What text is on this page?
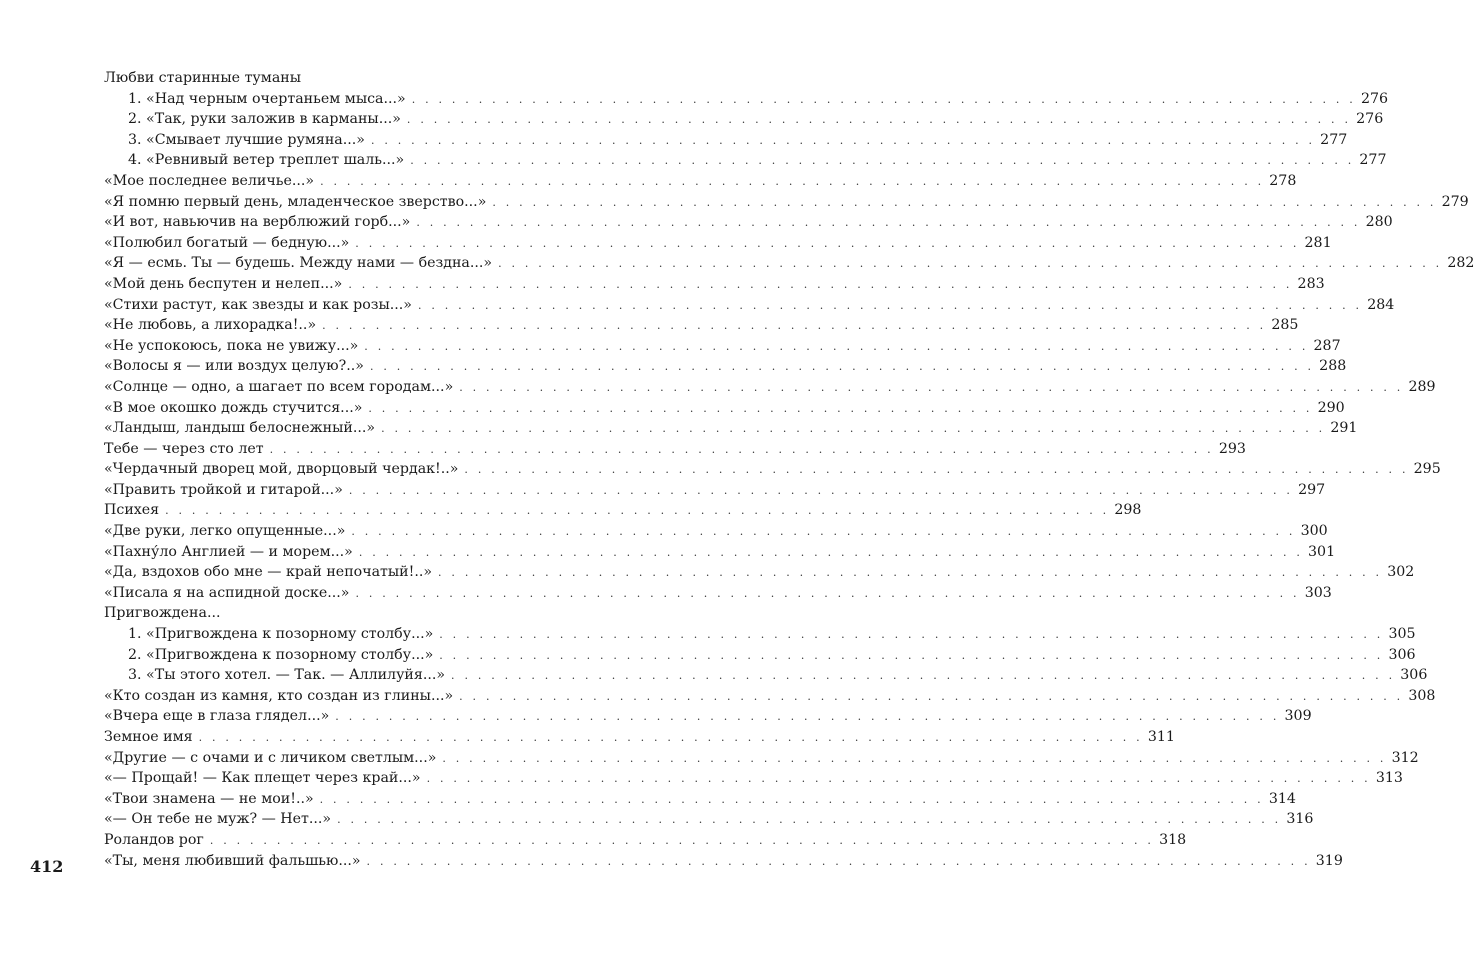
Любви старинные туманы
1. «Над черным очертаньем мыса...» . . . . . . . . . . . . . . . . . . . . . . . . . . . . . . . . . . . . . . . . . . . . . . . . . . . . . . . . . . . . . . . . . . . . . . . 276
2. «Так, руки заложив в карманы...» . . . . . . . . . . . . . . . . . . . . . . . . . . . . . . . . . . . . . . . . . . . . . . . . . . . . . . . . . . . . . . . . . . . . . . . 276
3. «Смывает лучшие румяна...» . . . . . . . . . . . . . . . . . . . . . . . . . . . . . . . . . . . . . . . . . . . . . . . . . . . . . . . . . . . . . . . . . . . . . . . 277
4. «Ревнивый ветер треплет шаль...» . . . . . . . . . . . . . . . . . . . . . . . . . . . . . . . . . . . . . . . . . . . . . . . . . . . . . . . . . . . . . . . . . . . . . . . 277
«Мое последнее величье...» . . . . . . . . . . . . . . . . . . . . . . . . . . . . . . . . . . . . . . . . . . . . . . . . . . . . . . . . . . . . . . . . . . . . . . . 278
«Я помню первый день, младенческое зверство...» . . . . . . . . . . . . . . . . . . . . . . . . . . . . . . . . . . . . . . . . . . . . . . . . . . . . . . . . . . . . . . . . . . . . . . . 279
«И вот, навьючив на верблюжий горб...» . . . . . . . . . . . . . . . . . . . . . . . . . . . . . . . . . . . . . . . . . . . . . . . . . . . . . . . . . . . . . . . . . . . . . . . 280
«Полюбил богатый — бедную...» . . . . . . . . . . . . . . . . . . . . . . . . . . . . . . . . . . . . . . . . . . . . . . . . . . . . . . . . . . . . . . . . . . . . . . . 281
«Я — есмь. Ты — будешь. Между нами — бездна...» . . . . . . . . . . . . . . . . . . . . . . . . . . . . . . . . . . . . . . . . . . . . . . . . . . . . . . . . . . . . . . . . . . . . . . . 282
«Мой день беспутен и нелеп...» . . . . . . . . . . . . . . . . . . . . . . . . . . . . . . . . . . . . . . . . . . . . . . . . . . . . . . . . . . . . . . . . . . . . . . . 283
«Стихи растут, как звезды и как розы...» . . . . . . . . . . . . . . . . . . . . . . . . . . . . . . . . . . . . . . . . . . . . . . . . . . . . . . . . . . . . . . . . . . . . . . . 284
«Не любовь, а лихорадка!..» . . . . . . . . . . . . . . . . . . . . . . . . . . . . . . . . . . . . . . . . . . . . . . . . . . . . . . . . . . . . . . . . . . . . . . . 285
«Не успокоюсь, пока не увижу...» . . . . . . . . . . . . . . . . . . . . . . . . . . . . . . . . . . . . . . . . . . . . . . . . . . . . . . . . . . . . . . . . . . . . . . . 287
«Волосы я — или воздух целую?..» . . . . . . . . . . . . . . . . . . . . . . . . . . . . . . . . . . . . . . . . . . . . . . . . . . . . . . . . . . . . . . . . . . . . . . . 288
«Солнце — одно, а шагает по всем городам...» . . . . . . . . . . . . . . . . . . . . . . . . . . . . . . . . . . . . . . . . . . . . . . . . . . . . . . . . . . . . . . . . . . . . . . . 289
«В мое окошко дождь стучится...» . . . . . . . . . . . . . . . . . . . . . . . . . . . . . . . . . . . . . . . . . . . . . . . . . . . . . . . . . . . . . . . . . . . . . . . 290
«Ландыш, ландыш белоснежный...» . . . . . . . . . . . . . . . . . . . . . . . . . . . . . . . . . . . . . . . . . . . . . . . . . . . . . . . . . . . . . . . . . . . . . . . 291
Тебе — через сто лет . . . . . . . . . . . . . . . . . . . . . . . . . . . . . . . . . . . . . . . . . . . . . . . . . . . . . . . . . . . . . . . . . . . . . . . 293
«Чердачный дворец мой, дворцовый чердак!..» . . . . . . . . . . . . . . . . . . . . . . . . . . . . . . . . . . . . . . . . . . . . . . . . . . . . . . . . . . . . . . . . . . . . . . . 295
«Править тройкой и гитарой...» . . . . . . . . . . . . . . . . . . . . . . . . . . . . . . . . . . . . . . . . . . . . . . . . . . . . . . . . . . . . . . . . . . . . . . . 297
Психея . . . . . . . . . . . . . . . . . . . . . . . . . . . . . . . . . . . . . . . . . . . . . . . . . . . . . . . . . . . . . . . . . . . . . . . 298
«Две руки, легко опущенные...» . . . . . . . . . . . . . . . . . . . . . . . . . . . . . . . . . . . . . . . . . . . . . . . . . . . . . . . . . . . . . . . . . . . . . . . 300
«Пахну́ло Англией — и морем...» . . . . . . . . . . . . . . . . . . . . . . . . . . . . . . . . . . . . . . . . . . . . . . . . . . . . . . . . . . . . . . . . . . . . . . . 301
«Да, вздохов обо мне — край непочатый!..» . . . . . . . . . . . . . . . . . . . . . . . . . . . . . . . . . . . . . . . . . . . . . . . . . . . . . . . . . . . . . . . . . . . . . . . 302
«Писала я на аспидной доске...» . . . . . . . . . . . . . . . . . . . . . . . . . . . . . . . . . . . . . . . . . . . . . . . . . . . . . . . . . . . . . . . . . . . . . . . 303
Пригвождена...
1. «Пригвождена к позорному столбу...» . . . . . . . . . . . . . . . . . . . . . . . . . . . . . . . . . . . . . . . . . . . . . . . . . . . . . . . . . . . . . . . . . . . . . . . 305
2. «Пригвождена к позорному столбу...» . . . . . . . . . . . . . . . . . . . . . . . . . . . . . . . . . . . . . . . . . . . . . . . . . . . . . . . . . . . . . . . . . . . . . . . 306
3. «Ты этого хотел. — Так. — Аллилуйя...» . . . . . . . . . . . . . . . . . . . . . . . . . . . . . . . . . . . . . . . . . . . . . . . . . . . . . . . . . . . . . . . . . . . . . . . 306
«Кто создан из камня, кто создан из глины...» . . . . . . . . . . . . . . . . . . . . . . . . . . . . . . . . . . . . . . . . . . . . . . . . . . . . . . . . . . . . . . . . . . . . . . . 308
«Вчера еще в глаза глядел...» . . . . . . . . . . . . . . . . . . . . . . . . . . . . . . . . . . . . . . . . . . . . . . . . . . . . . . . . . . . . . . . . . . . . . . . 309
Земное имя . . . . . . . . . . . . . . . . . . . . . . . . . . . . . . . . . . . . . . . . . . . . . . . . . . . . . . . . . . . . . . . . . . . . . . . 311
«Другие — с очами и с личиком светлым...» . . . . . . . . . . . . . . . . . . . . . . . . . . . . . . . . . . . . . . . . . . . . . . . . . . . . . . . . . . . . . . . . . . . . . . . 312
«— Прощай! — Как плещет через край...» . . . . . . . . . . . . . . . . . . . . . . . . . . . . . . . . . . . . . . . . . . . . . . . . . . . . . . . . . . . . . . . . . . . . . . . 313
«Твои знамена — не мои!..» . . . . . . . . . . . . . . . . . . . . . . . . . . . . . . . . . . . . . . . . . . . . . . . . . . . . . . . . . . . . . . . . . . . . . . . 314
«— Он тебе не муж? — Нет...» . . . . . . . . . . . . . . . . . . . . . . . . . . . . . . . . . . . . . . . . . . . . . . . . . . . . . . . . . . . . . . . . . . . . . . . 316
Роландов рог . . . . . . . . . . . . . . . . . . . . . . . . . . . . . . . . . . . . . . . . . . . . . . . . . . . . . . . . . . . . . . . . . . . . . . . 318
«Ты, меня любивший фальшью...» . . . . . . . . . . . . . . . . . . . . . . . . . . . . . . . . . . . . . . . . . . . . . . . . . . . . . . . . . . . . . . . . . . . . . . . 319
412
